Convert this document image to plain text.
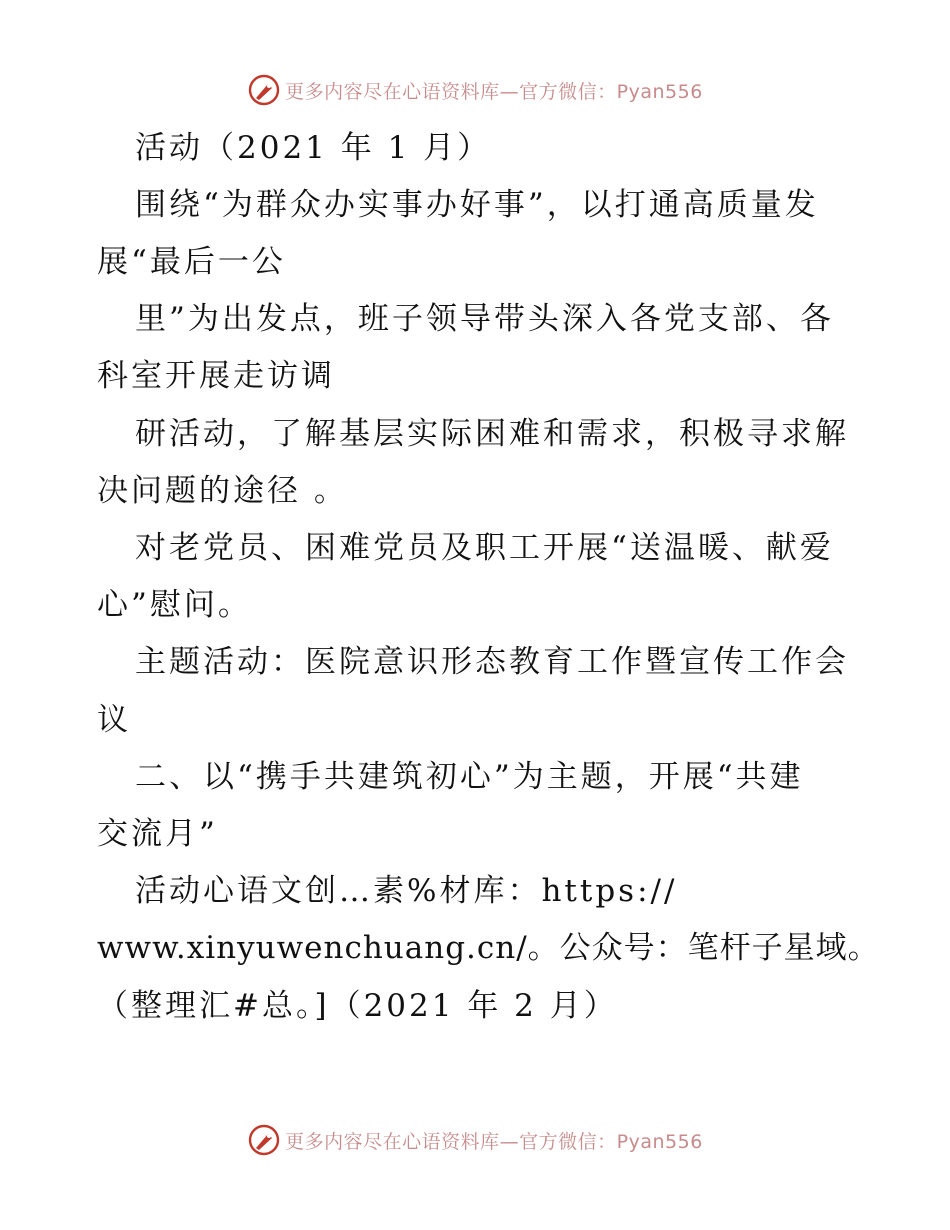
更多内容尽在心语资料库—官方微信：Pyan556
活动（2021 年 1 月）
围绕“为群众办实事办好事”，以打通高质量发
展“最后一公
里”为出发点，班子领导带头深入各党支部、各
科室开展走访调
研活动，了解基层实际困难和需求，积极寻求解
决问题的途径 。
对老党员、困难党员及职工开展“送温暖、献爱
心”慰问。
主题活动：医院意识形态教育工作暨宣传工作会
议
二、以“携手共建筑初心”为主题，开展“共建
交流月”
活动心语文创…素%材库：https://
www.xinyuwenchuang.cn/。公众号：笔杆子星域。
（整理汇#总。]（2021 年 2 月）
更多内容尽在心语资料库—官方微信：Pyan556
